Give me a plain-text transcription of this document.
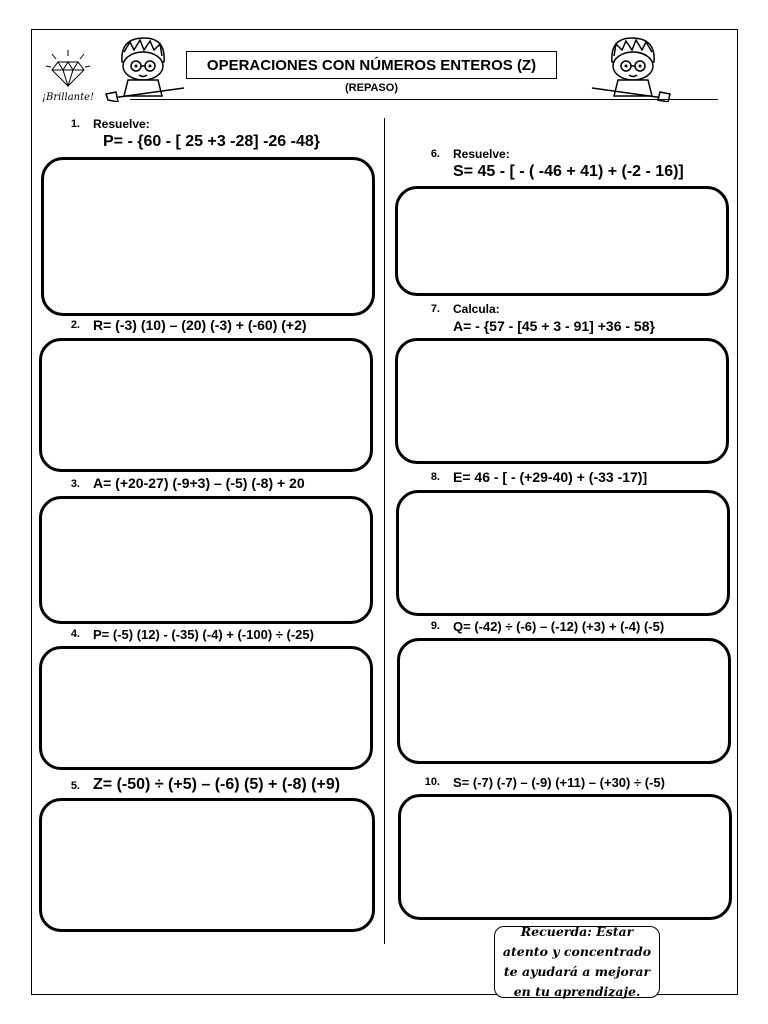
¡Brillante!
OPERACIONES CON NÚMEROS ENTEROS (Z)
(REPASO)
1. Resuelve:
P= - {60 - [ 25 +3 -28] -26 -48}
2. R= (-3) (10) – (20) (-3) + (-60) (+2)
3. A= (+20-27) (-9+3) – (-5) (-8) + 20
4. P= (-5) (12) - (-35) (-4) + (-100) ÷ (-25)
5. Z= (-50) ÷ (+5) – (-6) (5) + (-8) (+9)
6. Resuelve:
S= 45 - [ - ( -46 + 41) + (-2 - 16)]
7. Calcula:
A= - {57 - [45 + 3 - 91] +36 - 58}
8. E= 46 - [ - (+29-40) + (-33 -17)]
9. Q= (-42) ÷ (-6) – (-12) (+3) + (-4) (-5)
10. S= (-7) (-7) – (-9) (+11) – (+30) ÷ (-5)
Recuerda: Estar atento y concentrado te ayudará a mejorar en tu aprendizaje.
